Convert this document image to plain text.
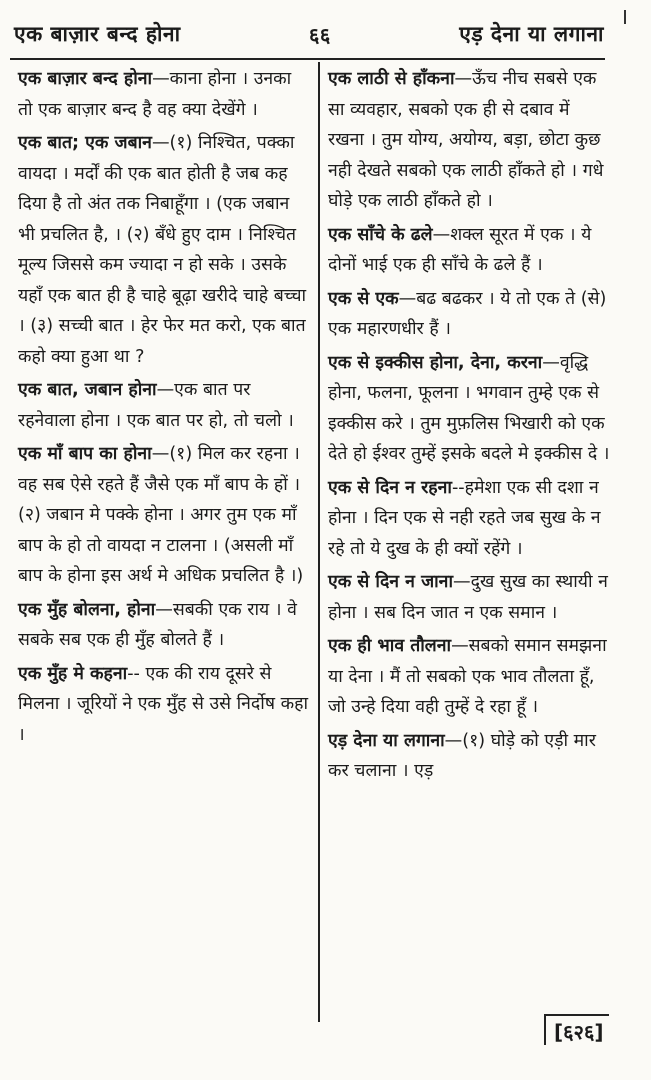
एक बाज़ार बन्द होना	६६	एड़ देना या लगाना
एक बाज़ार बन्द होना—काना होना । उनका तो एक बाज़ार बन्द है वह क्या देखेंगे ।
एक बात; एक जबान—(१) निश्चित, पक्का वायदा । मर्दों की एक बात होती है जब कह दिया है तो अंत तक निबाहूँगा । (एक जबान भी प्रचलित है, । (२) बँधे हुए दाम । निश्चित मूल्य जिससे कम ज्यादा न हो सके । उसके यहाँ एक बात ही है चाहे बूढ़ा खरीदे चाहे बच्चा । (३) सच्ची बात । हेर फेर मत करो, एक बात कहो क्या हुआ था ?
एक बात, जबान होना—एक बात पर रहनेवाला होना । एक बात पर हो, तो चलो ।
एक माँ बाप का होना—(१) मिल कर रहना । वह सब ऐसे रहते हैं जैसे एक माँ बाप के हों । (२) जबान मे पक्के होना । अगर तुम एक माँ बाप के हो तो वायदा न टालना । (असली माँ बाप के होना इस अर्थ मे अधिक प्रचलित है ।)
एक मुँह बोलना, होना—सबकी एक राय । वे सबके सब एक ही मुँह बोलते हैं ।
एक मुँह मे कहना-- एक की राय दूसरे से मिलना । जूरियों ने एक मुँह से उसे निर्दोष कहा ।
एक लाठी से हाँकना—ऊँच नीच सबसे एक सा व्यवहार, सबको एक ही से दबाव में रखना । तुम योग्य, अयोग्य, बड़ा, छोटा कुछ नही देखते सबको एक लाठी हाँकते हो । गधे घोड़े एक लाठी हाँकते हो ।
एक साँचे के ढले—शक्ल सूरत में एक । ये दोनों भाई एक ही साँचे के ढले हैं ।
एक से एक—बढ बढकर । ये तो एक ते (से) एक महारणधीर हैं ।
एक से इक्कीस होना, देना, करना—वृद्धि होना, फलना, फूलना । भगवान तुम्हे एक से इक्कीस करे । तुम मुफ़लिस भिखारी को एक देते हो ईश्वर तुम्हें इसके बदले मे इक्कीस दे ।
एक से दिन न रहना--हमेशा एक सी दशा न होना । दिन एक से नही रहते जब सुख के न रहे तो ये दुख के ही क्यों रहेंगे ।
एक से दिन न जाना—दुख सुख का स्थायी न होना । सब दिन जात न एक समान ।
एक ही भाव तौलना—सबको समान समझना या देना । मैं तो सबको एक भाव तौलता हूँ, जो उन्हे दिया वही तुम्हें दे रहा हूँ ।
एड़ देना या लगाना—(१) घोड़े को एड़ी मार कर चलाना । एड़
[६२६]
